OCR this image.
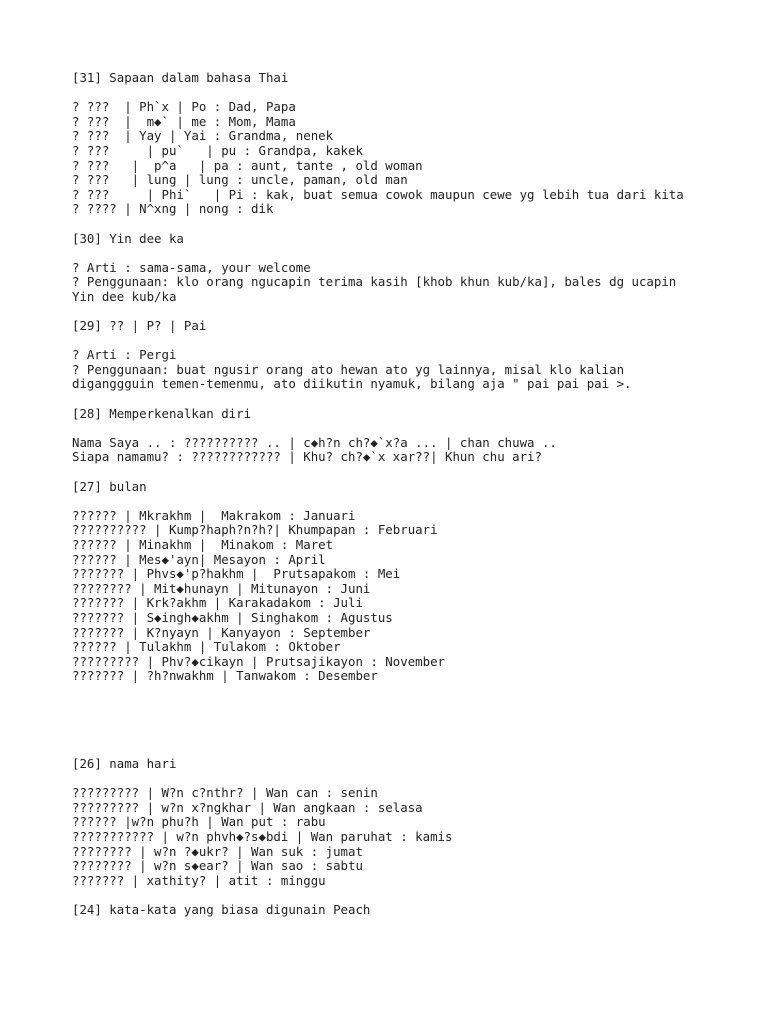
[31] Sapaan dalam bahasa Thai
? ???  | Ph`x | Po : Dad, Papa
? ???  |  m◆` | me : Mom, Mama
? ???  | Yay | Yai : Grandma, nenek
? ???     | pu`   | pu : Grandpa, kakek
? ???   |  p^a   | pa : aunt, tante , old woman
? ???   | lung | lung : uncle, paman, old man
? ???     | Phi`   | Pi : kak, buat semua cowok maupun cewe yg lebih tua dari kita
? ???? | N^xng | nong : dik
[30] Yin dee ka
? Arti : sama-sama, your welcome
? Penggunaan: klo orang ngucapin terima kasih [khob khun kub/ka], bales dg ucapin
Yin dee kub/ka
[29] ?? | P? | Pai
? Arti : Pergi
? Penggunaan: buat ngusir orang ato hewan ato yg lainnya, misal klo kalian
diganggguin temen-temenmu, ato diikutin nyamuk, bilang aja " pai pai pai >.
[28] Memperkenalkan diri
Nama Saya .. : ?????????? .. | c◆h?n ch?◆`x?a ... | chan chuwa ..
Siapa namamu? : ???????????? | Khu? ch?◆`x xar??| Khun chu ari?
[27] bulan
?????? | Mkrakhm |  Makrakom : Januari
?????????? | Kump?haph?n?h?| Khumpapan : Februari
?????? | Minakhm |  Minakom : Maret
?????? | Mes◆'ayn| Mesayon : April
??????? | Phvs◆'p?hakhm |  Prutsapakom : Mei
???????? | Mit◆hunayn | Mitunayon : Juni
??????? | Krk?akhm | Karakadakom : Juli
??????? | S◆ingh◆akhm | Singhakom : Agustus
??????? | K?nyayn | Kanyayon : September
?????? | Tulakhm | Tulakom : Oktober
????????? | Phv?◆cikayn | Prutsajikayon : November
??????? | ?h?nwakhm | Tanwakom : Desember
[26] nama hari
????????? | W?n c?nthr? | Wan can : senin
????????? | w?n x?ngkhar | Wan angkaan : selasa
?????? |w?n phu?h | Wan put : rabu
??????????? | w?n phvh◆?s◆bdi | Wan paruhat : kamis
???????? | w?n ?◆ukr? | Wan suk : jumat
???????? | w?n s◆ear? | Wan sao : sabtu
??????? | xathity? | atit : minggu
[24] kata-kata yang biasa digunain Peach
